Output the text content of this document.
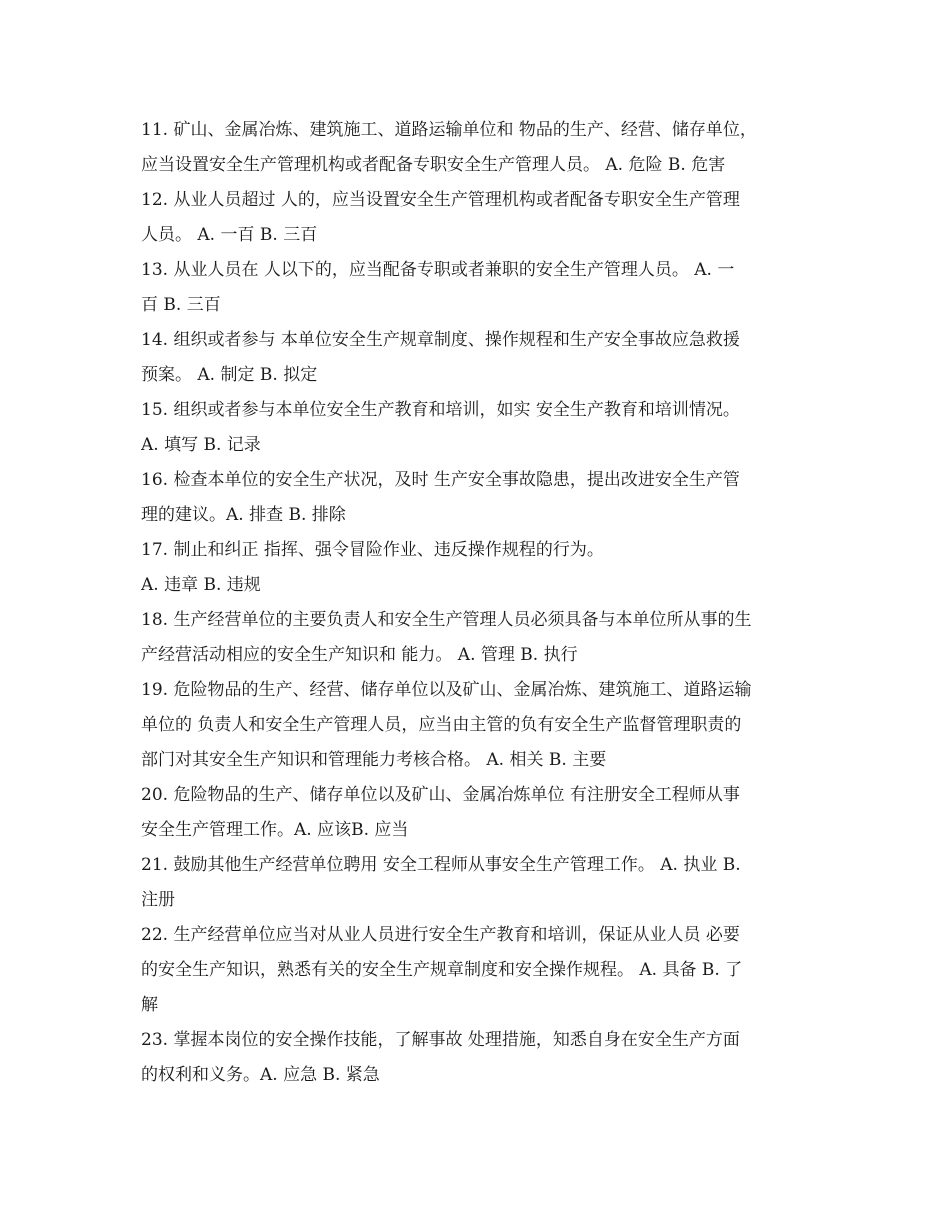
11. 矿山、金属冶炼、建筑施工、道路运输单位和 物品的生产、经营、储存单位，
应当设置安全生产管理机构或者配备专职安全生产管理人员。 A. 危险 B. 危害
12. 从业人员超过 人的，应当设置安全生产管理机构或者配备专职安全生产管理
人员。 A. 一百 B. 三百
13. 从业人员在 人以下的，应当配备专职或者兼职的安全生产管理人员。 A. 一
百 B. 三百
14. 组织或者参与 本单位安全生产规章制度、操作规程和生产安全事故应急救援
预案。 A. 制定 B. 拟定
15. 组织或者参与本单位安全生产教育和培训，如实 安全生产教育和培训情况。
A. 填写 B. 记录
16. 检查本单位的安全生产状况，及时 生产安全事故隐患，提出改进安全生产管
理的建议。A. 排查 B. 排除
17. 制止和纠正 指挥、强令冒险作业、违反操作规程的行为。
A. 违章 B. 违规
18. 生产经营单位的主要负责人和安全生产管理人员必须具备与本单位所从事的生
产经营活动相应的安全生产知识和 能力。 A. 管理 B. 执行
19. 危险物品的生产、经营、储存单位以及矿山、金属冶炼、建筑施工、道路运输
单位的 负责人和安全生产管理人员，应当由主管的负有安全生产监督管理职责的
部门对其安全生产知识和管理能力考核合格。 A. 相关 B. 主要
20. 危险物品的生产、储存单位以及矿山、金属冶炼单位 有注册安全工程师从事
安全生产管理工作。A. 应该B. 应当
21. 鼓励其他生产经营单位聘用 安全工程师从事安全生产管理工作。 A. 执业 B.
注册
22. 生产经营单位应当对从业人员进行安全生产教育和培训，保证从业人员 必要
的安全生产知识，熟悉有关的安全生产规章制度和安全操作规程。 A. 具备 B. 了
解
23. 掌握本岗位的安全操作技能，了解事故 处理措施，知悉自身在安全生产方面
的权利和义务。A. 应急 B. 紧急
